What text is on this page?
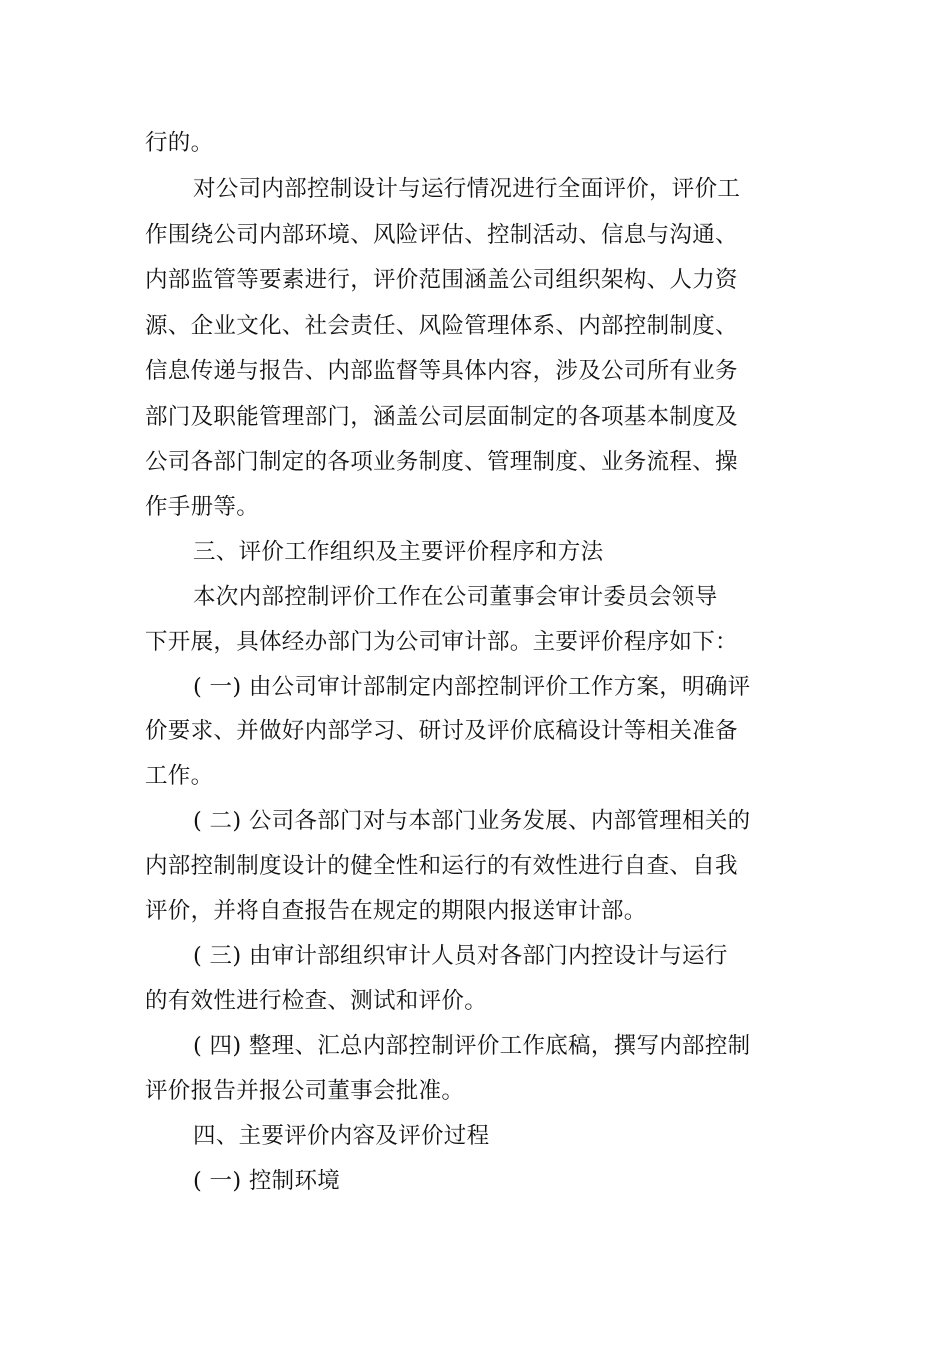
行的。
对公司内部控制设计与运行情况进行全面评价，评价工
作围绕公司内部环境、风险评估、控制活动、信息与沟通、
内部监管等要素进行，评价范围涵盖公司组织架构、人力资
源、企业文化、社会责任、风险管理体系、内部控制制度、
信息传递与报告、内部监督等具体内容，涉及公司所有业务
部门及职能管理部门，涵盖公司层面制定的各项基本制度及
公司各部门制定的各项业务制度、管理制度、业务流程、操
作手册等。
三、评价工作组织及主要评价程序和方法
本次内部控制评价工作在公司董事会审计委员会领导
下开展，具体经办部门为公司审计部。主要评价程序如下：
( 一) 由公司审计部制定内部控制评价工作方案，明确评
价要求、并做好内部学习、研讨及评价底稿设计等相关准备
工作。
( 二) 公司各部门对与本部门业务发展、内部管理相关的
内部控制制度设计的健全性和运行的有效性进行自查、自我
评价，并将自查报告在规定的期限内报送审计部。
( 三) 由审计部组织审计人员对各部门内控设计与运行
的有效性进行检查、测试和评价。
( 四) 整理、汇总内部控制评价工作底稿，撰写内部控制
评价报告并报公司董事会批准。
四、主要评价内容及评价过程
( 一) 控制环境
